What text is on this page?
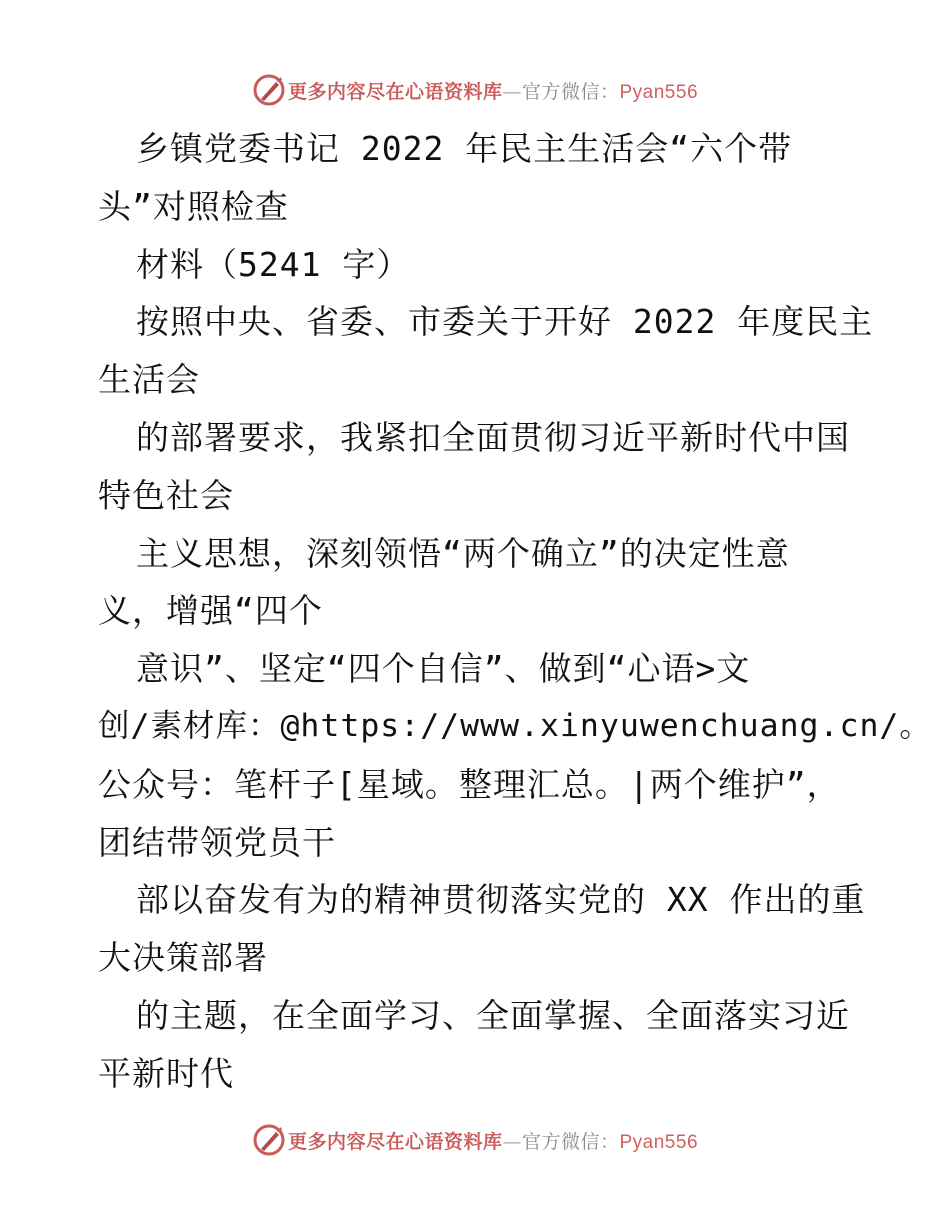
更多内容尽在心语资料库—官方微信：Pyan556
乡镇党委书记 2022 年民主生活会“六个带
头”对照检查
材料（5241 字）
按照中央、省委、市委关于开好 2022 年度民主
生活会
的部署要求，我紧扣全面贯彻习近平新时代中国
特色社会
主义思想，深刻领悟“两个确立”的决定性意
义，增强“四个
意识”、坚定“四个自信”、做到“心语>文
创/素材库：@https://www.xinyuwenchuang.cn/。
公众号：笔杆子[星域。整理汇总。|两个维护”，
团结带领党员干
部以奋发有为的精神贯彻落实党的 XX 作出的重
大决策部署
的主题，在全面学习、全面掌握、全面落实习近
平新时代
更多内容尽在心语资料库—官方微信：Pyan556
